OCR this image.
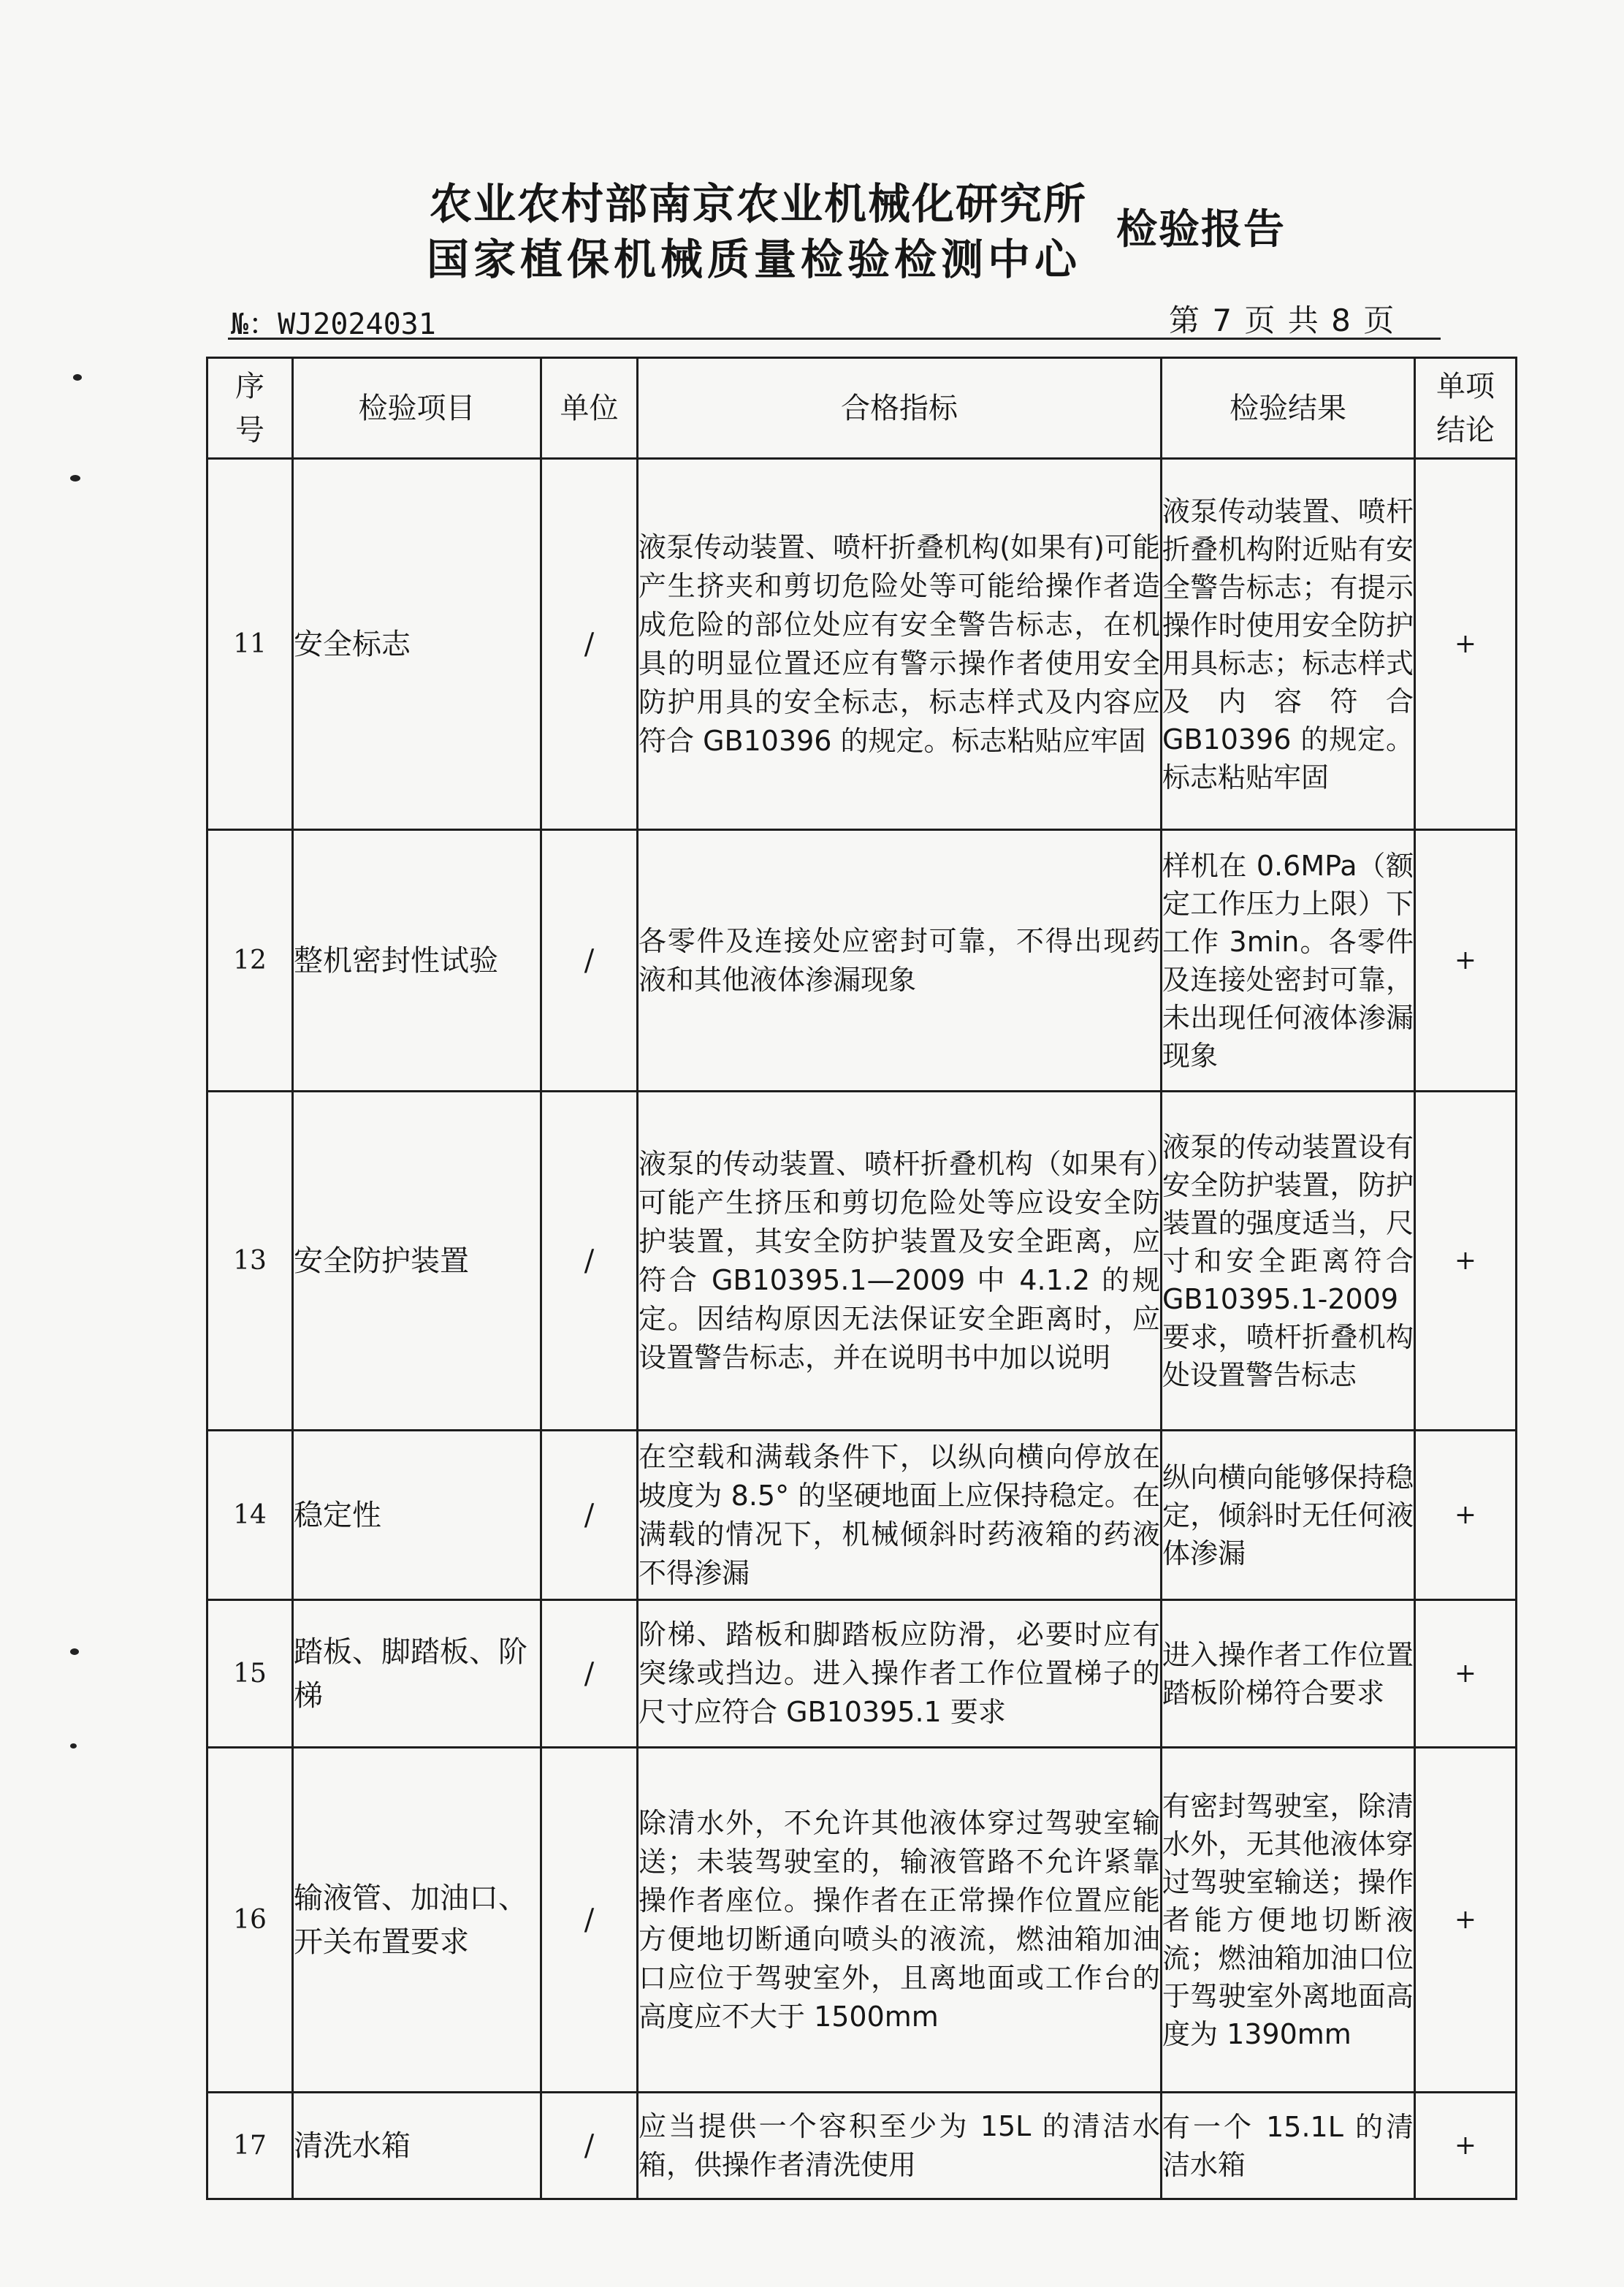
农业农村部南京农业机械化研究所
国家植保机械质量检验检测中心
检验报告
№：WJ2024031	第 7 页 共 8 页
序号	检验项目	单位	合格指标	检验结果	单项结论
11	安全标志	/	液泵传动装置、喷杆折叠机构(如果有)可能产生挤夹和剪切危险处等可能给操作者造成危险的部位处应有安全警告标志，在机具的明显位置还应有警示操作者使用安全防护用具的安全标志，标志样式及内容应符合 GB10396 的规定。标志粘贴应牢固	液泵传动装置、喷杆折叠机构附近贴有安全警告标志；有提示操作时使用安全防护用具标志；标志样式及内容符合 GB10396 的规定。标志粘贴牢固	+
12	整机密封性试验	/	各零件及连接处应密封可靠，不得出现药液和其他液体渗漏现象	样机在 0.6MPa（额定工作压力上限）下工作 3min。各零件及连接处密封可靠，未出现任何液体渗漏现象	+
13	安全防护装置	/	液泵的传动装置、喷杆折叠机构（如果有）可能产生挤压和剪切危险处等应设安全防护装置，其安全防护装置及安全距离，应符合 GB10395.1—2009 中 4.1.2 的规定。因结构原因无法保证安全距离时，应设置警告标志，并在说明书中加以说明	液泵的传动装置设有安全防护装置，防护装置的强度适当，尺寸和安全距离符合 GB10395.1-2009 要求，喷杆折叠机构处设置警告标志	+
14	稳定性	/	在空载和满载条件下，以纵向横向停放在坡度为 8.5° 的坚硬地面上应保持稳定。在满载的情况下，机械倾斜时药液箱的药液不得渗漏	纵向横向能够保持稳定，倾斜时无任何液体渗漏	+
15	踏板、脚踏板、阶梯	/	阶梯、踏板和脚踏板应防滑，必要时应有突缘或挡边。进入操作者工作位置梯子的尺寸应符合 GB10395.1 要求	进入操作者工作位置踏板阶梯符合要求	+
16	输液管、加油口、开关布置要求	/	除清水外，不允许其他液体穿过驾驶室输送；未装驾驶室的，输液管路不允许紧靠操作者座位。操作者在正常操作位置应能方便地切断通向喷头的液流，燃油箱加油口应位于驾驶室外，且离地面或工作台的高度应不大于 1500mm	有密封驾驶室，除清水外，无其他液体穿过驾驶室输送；操作者能方便地切断液流；燃油箱加油口位于驾驶室外离地面高度为 1390mm	+
17	清洗水箱	/	应当提供一个容积至少为 15L 的清洁水箱，供操作者清洗使用	有一个 15.1L 的清洁水箱	+
